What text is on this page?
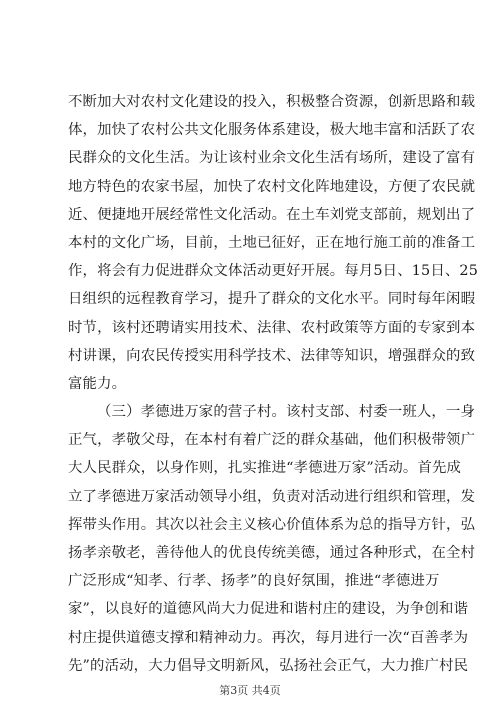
不断加大对农村文化建设的投入，积极整合资源，创新思路和载
体，加快了农村公共文化服务体系建设，极大地丰富和活跃了农
民群众的文化生活。为让该村业余文化生活有场所，建设了富有
地方特色的农家书屋，加快了农村文化阵地建设，方便了农民就
近、便捷地开展经常性文化活动。在土车刘党支部前，规划出了
本村的文化广场，目前，土地已征好，正在地行施工前的准备工
作，将会有力促进群众文体活动更好开展。每月5日、15日、25
日组织的远程教育学习，提升了群众的文化水平。同时每年闲暇
时节，该村还聘请实用技术、法律、农村政策等方面的专家到本
村讲课，向农民传授实用科学技术、法律等知识，增强群众的致
富能力。
（三）孝德进万家的营子村。该村支部、村委一班人，一身
正气，孝敬父母，在本村有着广泛的群众基础，他们积极带领广
大人民群众，以身作则，扎实推进“孝德进万家”活动。首先成
立了孝德进万家活动领导小组，负责对活动进行组织和管理，发
挥带头作用。其次以社会主义核心价值体系为总的指导方针，弘
扬孝亲敬老，善待他人的优良传统美德，通过各种形式，在全村
广泛形成“知孝、行孝、扬孝”的良好氛围，推进“孝德进万
家”，以良好的道德风尚大力促进和谐村庄的建设，为争创和谐
村庄提供道德支撑和精神动力。再次，每月进行一次“百善孝为
先”的活动，大力倡导文明新风，弘扬社会正气，大力推广村民
第3页 共4页
